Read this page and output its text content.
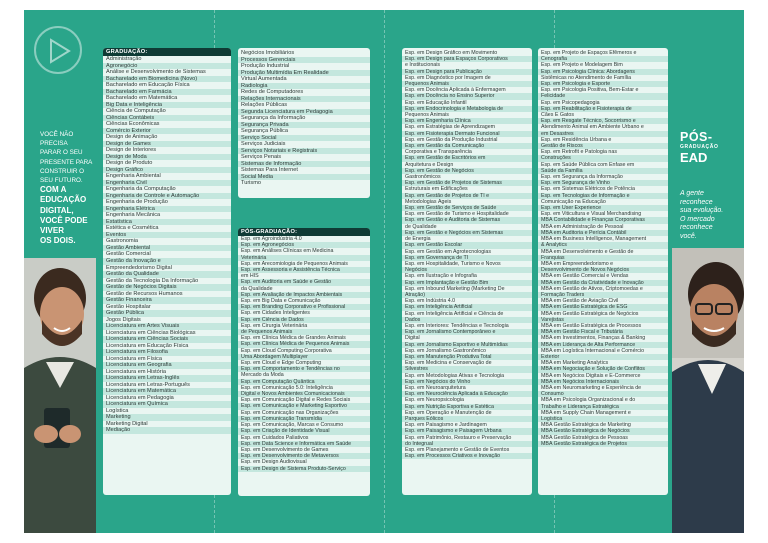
VOCÊ NÃO
PRECISA
PARAR O SEU
PRESENTE PARA
CONSTRUIR O
SEU FUTURO.
COM A
EDUCAÇÃO
DIGITAL,
VOCÊ PODE
VIVER
OS DOIS.
GRADUAÇÃO:
Administração
Agronegócio
Análise e Desenvolvimento de Sistemas
Bacharelado em Biomedicina (Novo)
Bacharelado em Educação Física
Bacharelado em Farmácia
Bacharelado em Matemática
Big Data e Inteligência
Ciência de Computação
Ciências Contábeis
Ciências Econômicas
Comércio Exterior
Design de Animação
Design de Games
Design de Interiores
Design de Moda
Design de Produto
Design Gráfico
Engenharia Ambiental
Engenharia Civil
Engenharia da Computação
Engenharia de Controle e Automação
Engenharia de Produção
Engenharia Elétrica
Engenharia Mecânica
Estatística
Estética e Cosmética
Eventos
Gastronomia
Gestão Ambiental
Gestão Comercial
Gestão da Inovação e
Empreendedorismo Digital
Gestão da Qualidade
Gestão da Tecnologia Da Informação
Gestão de Negócios Digitais
Gestão de Recursos Humanos
Gestão Financeira
Gestão Hospitalar
Gestão Pública
Jogos Digitais
Licenciatura em Artes Visuais
Licenciatura em Ciências Biológicas
Licenciatura em Ciências Sociais
Licenciatura em Educação Física
Licenciatura em Filosofia
Licenciatura em Física
Licenciatura em Geografia
Licenciatura em História
Licenciatura em Letras-Inglês
Licenciatura em Letras-Português
Licenciatura em Matemática
Licenciatura em Pedagogia
Licenciatura em Química
Logística
Marketing
Marketing Digital
Mediação
Negócios Imobiliários
Processos Gerenciais
Produção Industrial
Produção Multimídia Em Realidade
Virtual Aumentada
Radiologia
Redes de Computadores
Relações Internacionais
Relações Públicas
Segunda Licenciatura em Pedagogia
Segurança da Informação
Segurança Privada
Segurança Pública
Serviço Social
Serviços Judiciais
Serviços Notariais e Registrais
Serviços Penais
Sistemas de Informação
Sistemas Para Internet
Social Media
Turismo
PÓS-GRADUAÇÃO:
Esp. em Agroindústria 4.0
Esp. em Agronegócios
Esp. em Análises Clínicas em Medicina
Veterinária
Esp. em Arecomiologia de Pequenos Animais
Esp. em Assessoria e Assistência Técnica
em HIS
Esp. em Auditoria em Saúde e Gestão
da Qualidade
Esp. em Avaliação de Impactos Ambientais
Esp. em Big Data e Comunicação
Esp. em Branding Corporativo e Profissional
Esp. em Cidades Inteligentes
Esp. em Ciência de Dados
Esp. em Cirurgia Veterinária
de Pequenos Animais
Esp. em Clínica Médica de Grandes Animais
Esp. em Clínica Médica de Pequenos Animais
Esp. em Cloud Computing Corporativa
Uma Abordagem Multiplayer
Esp. em Cloud e Edge Computing
Esp. em Comportamento e Tendências no
Mercado da Moda
Esp. em Computação Quântica
Esp. em Comunicação 5.0: Inteligência
Digital e Novos Ambientes Comunicacionais
Esp. em Comunicação Digital e Redes Sociais
Esp. em Comunicação e Marketing Esportivo
Esp. em Comunicação nas Organizações
Esp. em Comunicação Transmídia
Esp. em Comunicação, Marcas e Consumo
Esp. em Criação de Identidade Visual
Esp. em Cuidados Paliativos
Esp. em Data Science e Informática em Saúde
Esp. em Desenvolvimento de Games
Esp. em Desenvolvimento de Metaversos
Esp. em Design Audiovisual
Esp. em Design de Sistema Produto-Serviço
Esp. em Design Gráfico em Movimento
Esp. em Design para Espaços Corporativos
e Institucionais
Esp. em Design para Publicação
Esp. em Diagnóstico por Imagem de
Pequenos Animais
Esp. em Docência Aplicada à Enfermagem
Esp. em Docência no Ensino Superior
Esp. em Educação Infantil
Esp. em Endocrinologia e Metabologia de
Pequenos Animais
Esp. em Engenharia Clínica
Esp. em Estratégias de Aprendizagem
Esp. em Fisioterapia Dermato Funcional
Esp. em Gestão da Produção Industrial
Esp. em Gestão da Comunicação
Corporativa e Transparência
Esp. em Gestão de Escritórios em
Arquitetura e Design
Esp. em Gestão de Negócios
Gastronômicos
Esp. em Gestão de Projetos de Sistemas
Estruturais em Edificações
Esp. em Gestão de Projetos de TI e
Metodologias Ágeis
Esp. em Gestão de Serviços de Saúde
Esp. em Gestão de Turismo e Hospitalidade
Esp. em Gestão e Auditoria de Sistemas
de Qualidade
Esp. em Gestão e Negócios em Sistemas
de Energia
Esp. em Gestão Escolar
Esp. em Gestão em Agrotecnologias
Esp. em Governança de TI
Esp. em Hospitalidade, Turismo e Novos
Negócios
Esp. em Ilustração e Infografia
Esp. em Implantação e Gestão Bim
Esp. em Inbound Marketing (Marketing De
Atração)
Esp. em Indústria 4.0
Esp. em Inteligência Artificial
Esp. em Inteligência Artificial e Ciência de
Dados
Esp. em Interiores: Tendências e Tecnologia
Esp. em Jornalismo Contemporâneo e
Digital
Esp. em Jornalismo Esportivo e Multimídias
Esp. em Jornalismo Gastronômico
Esp. em Manutenção Produtiva Total
Esp. em Medicina e Conservação de
Silvestres
Esp. em Metodologias Ativas e Tecnologia
Esp. em Negócios do Vinho
Esp. em Neuroarquitetura
Esp. em Neurociência Aplicada à Educação
Esp. em Neuropsicologia
Esp. em Nutrição Esportiva e Estética
Esp. em Operação e Manutenção de
Parques Eólicos
Esp. em Paisagismo e Jardinagem
Esp. em Paisagismo e Paisagem Urbana
Esp. em Patrimônio, Restauro e Preservação
do Integrual
Esp. em Planejamento e Gestão de Eventos
Esp. em Processos Criativos e Inovação
Esp. em Projeto de Espaços Efêmeros e
Cenografia
Esp. em Projeto e Modelagem Bim
Esp. em Psicologia Clínica: Abordagens
Sistêmicas no Atendimento de Família
Esp. em Psicologia e Esporte
Esp. em Psicologia Positiva, Bem-Estar e
Felicidade
Esp. em Psicopedagogia
Esp. em Reabilitação e Fisioterapia de
Cães E Gatos
Esp. em Resgate Técnico, Socorrismo e
Atendimento Animal em Ambiente Urbano e
em Desastres
Esp. em Residência Urbana e
Gestão de Riscos
Esp. em Retrofit e Patologia nas
Construções
Esp. em Saúde Pública com Ênfase em
Saúde da Família
Esp. em Segurança da Informação
Esp. em Segurança de Vinho
Esp. em Sistemas Elétricos de Potência
Esp. em Tecnologias de Informação e
Comunicação na Educação
Esp. em User Experience
Esp. em Viticultura e Visual Merchandising
MBA Contabilidade e Finanças Corporativas
MBA em Administração de Pessoal
MBA em Auditoria e Perícia Contábil
MBA em Business Intelligence, Management
& Analytics
MBA em Desenvolvimento e Gestão de
Franquias
MBA em Empreendedorismo e
Desenvolvimento de Novos Negócios
MBA em Gestão Comercial e Vendas
MBA em Gestão da Criatividade e Inovação
MBA em Gestão de Ativos, Criptomoedas e
Formação Traders
MBA em Gestão de Aviação Civil
MBA em Gestão Estratégica de ESG
MBA em Gestão Estratégica de Negócios
Varejistas
MBA em Gestão Estratégica de Processos
MBA em Gestão Fiscal e Tributária
MBA em Investimentos, Finanças & Banking
MBA em Liderança de Alta Performance
MBA em Logística Internacional e Comércio
Exterior
MBA em Marketing Analytics
MBA em Negociação e Solução de Conflitos
MBA em Negócios Digitais e E-Commerce
MBA em Negócios Internacionais
MBA em Neuromarketing e Experiência de
Consumo
MBA em Psicologia Organizacional e do
Trabalho e Liderança Estratégica
MBA em Supply Chain Management e
Logística
MBA Gestão Estratégica de Marketing
MBA Gestão Estratégica de Negócios
MBA Gestão Estratégica de Pessoas
MBA Gestão Estratégica de Projetos
PÓS-
GRADUAÇÃO
EAD
A gente
reconhece
sua evolução.
O mercado
reconhece
você.
